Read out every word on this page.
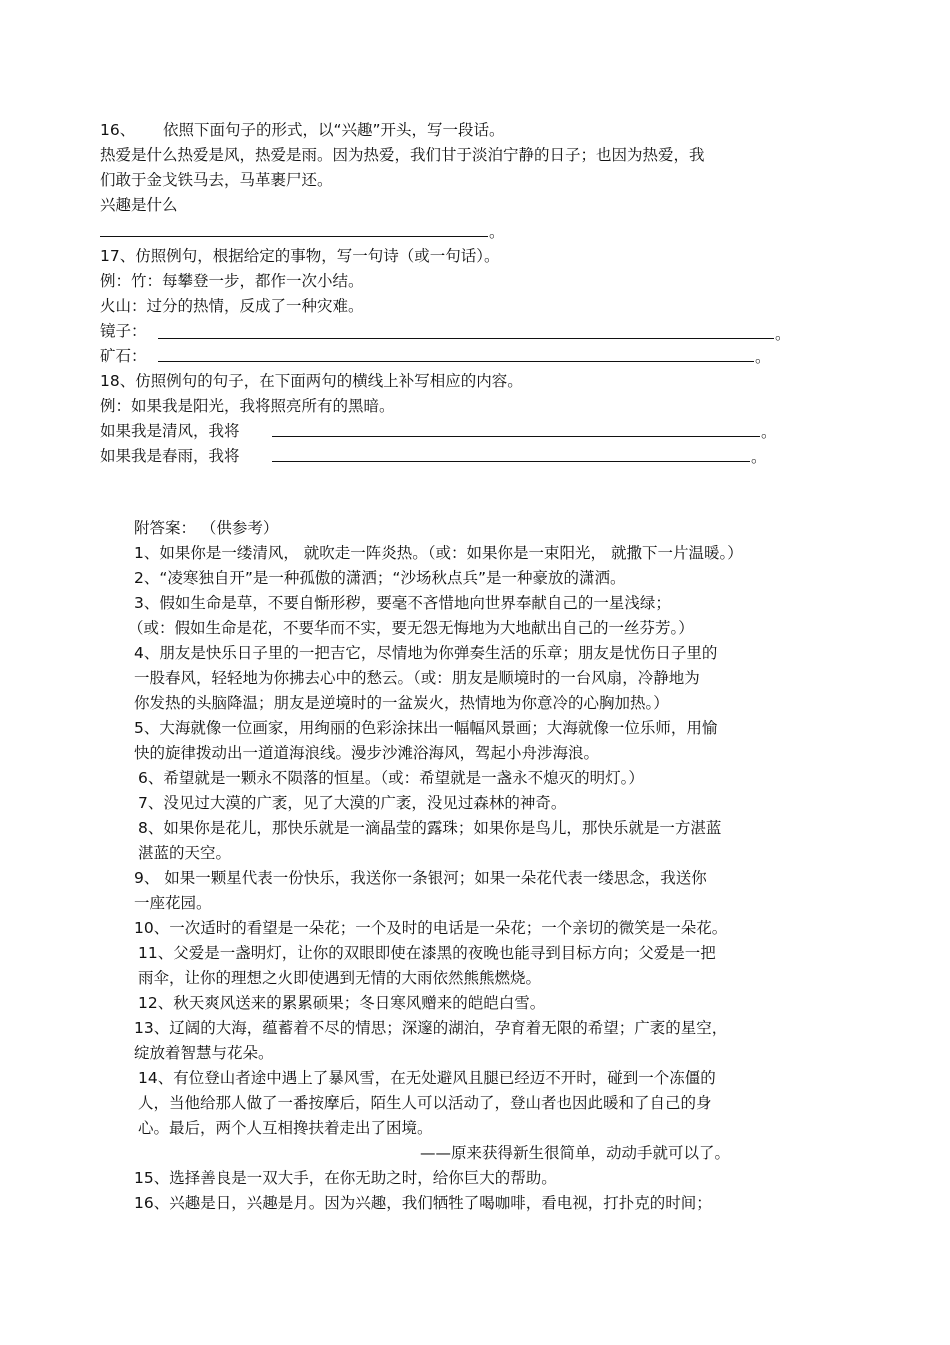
16、 依照下面句子的形式，以“兴趣”开头，写一段话。
热爱是什么热爱是风，热爱是雨。因为热爱，我们甘于淡泊宁静的日子；也因为热爱，我
们敢于金戈铁马去，马革裹尸还。
兴趣是什么
。
17、仿照例句，根据给定的事物，写一句诗（或一句话）。
例：竹：每攀登一步，都作一次小结。
火山：过分的热情，反成了一种灾难。
镜子：	。
矿石：	。
18、仿照例句的句子，在下面两句的横线上补写相应的内容。
例：如果我是阳光，我将照亮所有的黑暗。
如果我是清风，我将	。
如果我是春雨，我将	。
附答案： （供参考）
1、如果你是一缕清风， 就吹走一阵炎热。（或：如果你是一束阳光， 就撒下一片温暖。）
2、“凌寒独自开”是一种孤傲的潇洒；“沙场秋点兵”是一种豪放的潇洒。
3、假如生命是草，不要自惭形秽，要毫不吝惜地向世界奉献自己的一星浅绿；
（或：假如生命是花，不要华而不实，要无怨无悔地为大地献出自己的一丝芬芳。）
4、朋友是快乐日子里的一把吉它，尽情地为你弹奏生活的乐章；朋友是忧伤日子里的
一股春风，轻轻地为你拂去心中的愁云。（或：朋友是顺境时的一台风扇，冷静地为
你发热的头脑降温；朋友是逆境时的一盆炭火，热情地为你意冷的心胸加热。）
5、大海就像一位画家，用绚丽的色彩涂抹出一幅幅风景画；大海就像一位乐师，用愉
快的旋律拨动出一道道海浪线。漫步沙滩浴海风，驾起小舟涉海浪。
6、希望就是一颗永不陨落的恒星。（或：希望就是一盏永不熄灭的明灯。）
7、没见过大漠的广袤，见了大漠的广袤，没见过森林的神奇。
8、如果你是花儿，那快乐就是一滴晶莹的露珠；如果你是鸟儿，那快乐就是一方湛蓝
湛蓝的天空。
9、 如果一颗星代表一份快乐，我送你一条银河；如果一朵花代表一缕思念，我送你
一座花园。
10、一次适时的看望是一朵花；一个及时的电话是一朵花；一个亲切的微笑是一朵花。
11、父爱是一盏明灯，让你的双眼即使在漆黑的夜晚也能寻到目标方向；父爱是一把
雨伞，让你的理想之火即使遇到无情的大雨依然熊熊燃烧。
12、秋天爽风送来的累累硕果；冬日寒风赠来的皑皑白雪。
13、辽阔的大海，蕴蓄着不尽的情思；深邃的湖泊，孕育着无限的希望；广袤的星空，
绽放着智慧与花朵。
14、有位登山者途中遇上了暴风雪，在无处避风且腿已经迈不开时，碰到一个冻僵的
人，当他给那人做了一番按摩后，陌生人可以活动了，登山者也因此暖和了自己的身
心。最后，两个人互相搀扶着走出了困境。
——原来获得新生很简单，动动手就可以了。
15、选择善良是一双大手，在你无助之时，给你巨大的帮助。
16、兴趣是日，兴趣是月。因为兴趣，我们牺牲了喝咖啡，看电视，打扑克的时间；
